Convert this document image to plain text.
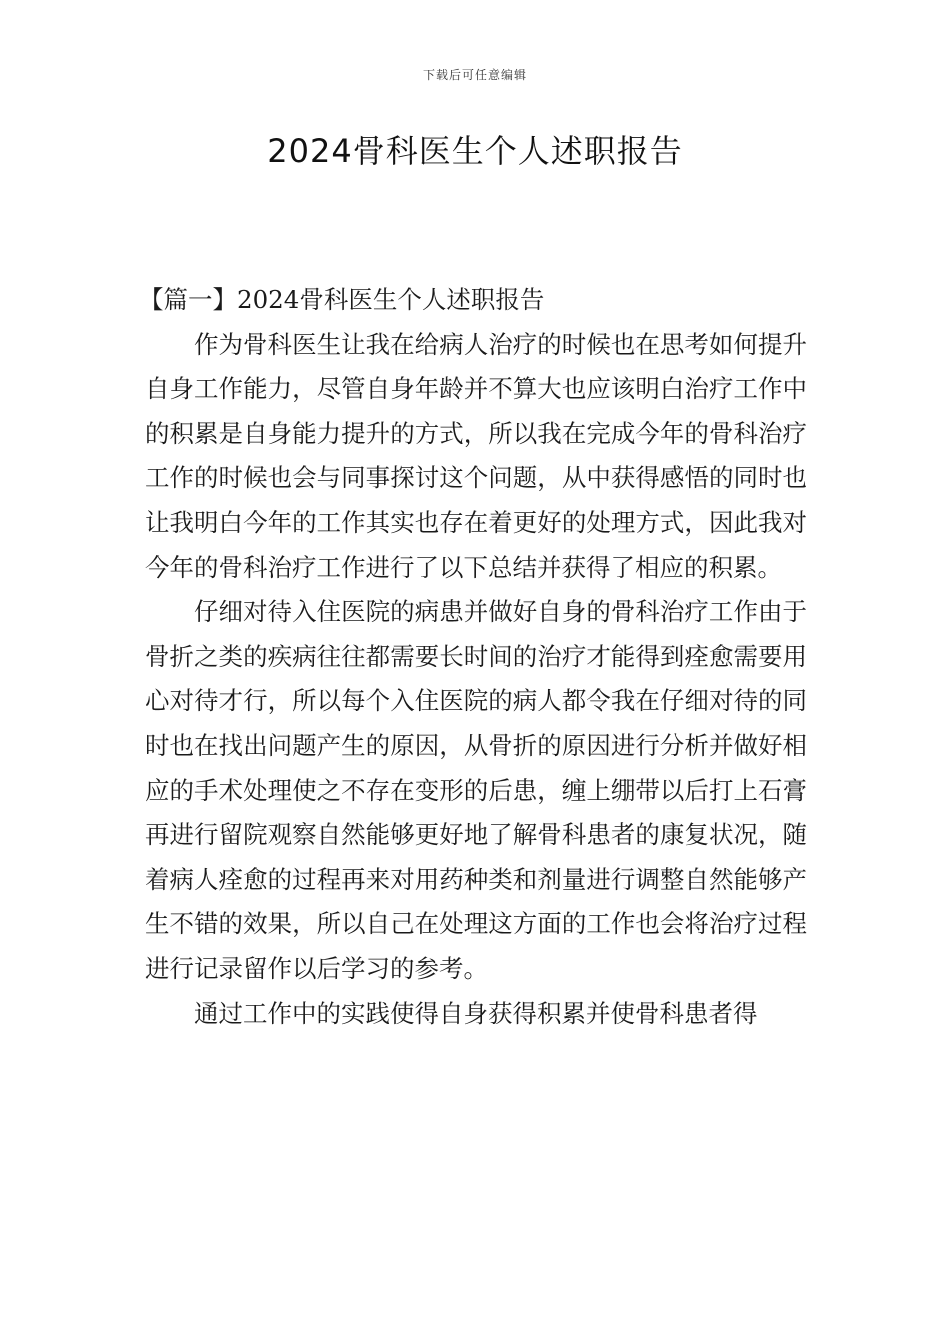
下载后可任意编辑
2024骨科医生个人述职报告

【篇一】2024骨科医生个人述职报告

作为骨科医生让我在给病人治疗的时候也在思考如何提升自身工作能力，尽管自身年龄并不算大也应该明白治疗工作中的积累是自身能力提升的方式，所以我在完成今年的骨科治疗工作的时候也会与同事探讨这个问题，从中获得感悟的同时也让我明白今年的工作其实也存在着更好的处理方式，因此我对今年的骨科治疗工作进行了以下总结并获得了相应的积累。

仔细对待入住医院的病患并做好自身的骨科治疗工作由于骨折之类的疾病往往都需要长时间的治疗才能得到痊愈需要用心对待才行，所以每个入住医院的病人都令我在仔细对待的同时也在找出问题产生的原因，从骨折的原因进行分析并做好相应的手术处理使之不存在变形的后患，缠上绷带以后打上石膏再进行留院观察自然能够更好地了解骨科患者的康复状况，随着病人痊愈的过程再来对用药种类和剂量进行调整自然能够产生不错的效果，所以自己在处理这方面的工作也会将治疗过程进行记录留作以后学习的参考。

通过工作中的实践使得自身获得积累并使骨科患者得
